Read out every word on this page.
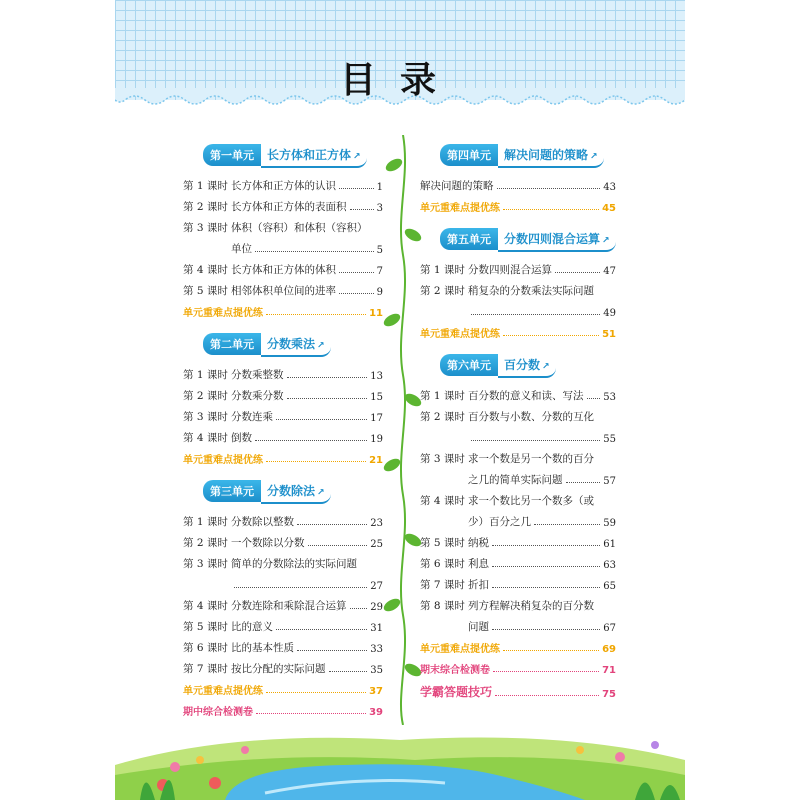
目录
第一单元	长方体和正方体 ↗
第 1 课时 长方体和正方体的认识	1
第 2 课时 长方体和正方体的表面积	3
第 3 课时 体积（容积）和体积（容积）
单位	5
第 4 课时 长方体和正方体的体积	7
第 5 课时 相邻体积单位间的进率	9
单元重难点提优练	11
第二单元	分数乘法 ↗
第 1 课时 分数乘整数	13
第 2 课时 分数乘分数	15
第 3 课时 分数连乘	17
第 4 课时 倒数	19
单元重难点提优练	21
第三单元	分数除法 ↗
第 1 课时 分数除以整数	23
第 2 课时 一个数除以分数	25
第 3 课时 简单的分数除法的实际问题
27
第 4 课时 分数连除和乘除混合运算 29
第 5 课时 比的意义	31
第 6 课时 比的基本性质	33
第 7 课时 按比分配的实际问题	35
单元重难点提优练	37
期中综合检测卷	39
第四单元	解决问题的策略 ↗
解决问题的策略	43
单元重难点提优练	45
第五单元	分数四则混合运算 ↗
第 1 课时 分数四则混合运算	47
第 2 课时 稍复杂的分数乘法实际问题
49
单元重难点提优练	51
第六单元	百分数 ↗
第 1 课时 百分数的意义和读、写法 53
第 2 课时 百分数与小数、分数的互化
55
第 3 课时 求一个数是另一个数的百分
之几的简单实际问题	57
第 4 课时 求一个数比另一个数多（或
少）百分之几	59
第 5 课时 纳税	61
第 6 课时 利息	63
第 7 课时 折扣	65
第 8 课时 列方程解决稍复杂的百分数
问题	67
单元重难点提优练	69
期末综合检测卷	71
学霸答题技巧	75
